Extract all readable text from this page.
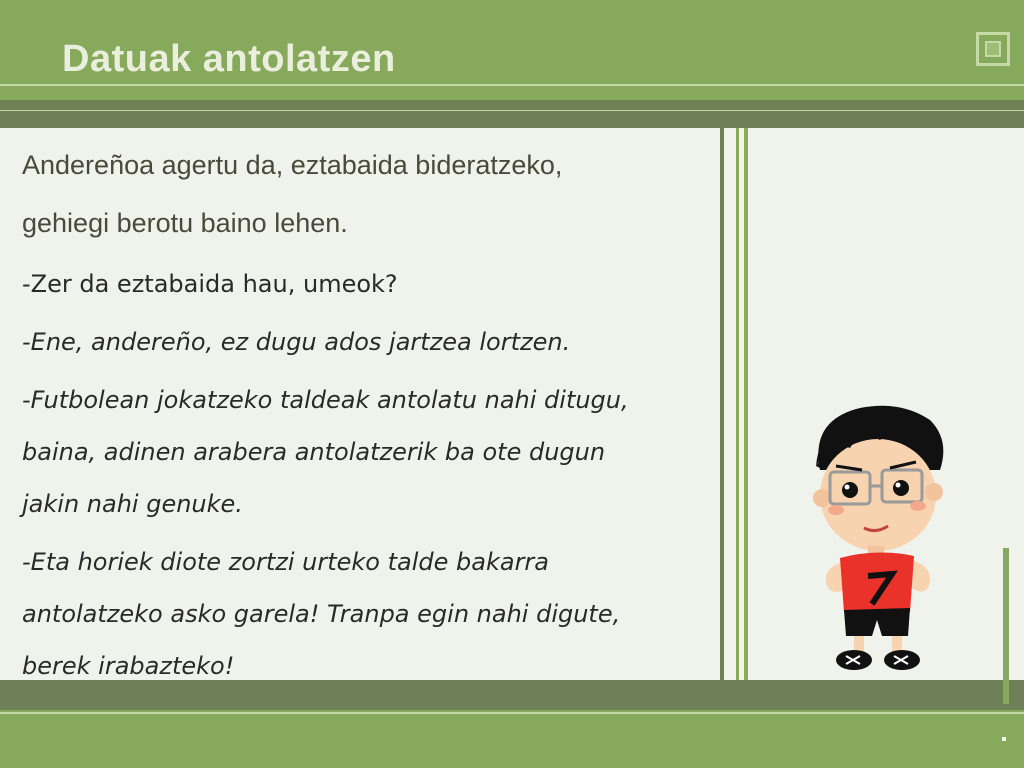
Datuak antolatzen
Andereñoa agertu da, eztabaida bideratzeko,
gehiegi berotu baino lehen.
-Zer da eztabaida hau, umeok?
-Ene, andereño, ez dugu ados jartzea lortzen.
-Futbolean jokatzeko taldeak antolatu nahi ditugu,
baina, adinen arabera antolatzerik ba ote dugun
jakin nahi genuke.
-Eta horiek diote zortzi urteko talde bakarra
antolatzeko asko garela! Tranpa egin nahi digute,
berek irabazteko!
